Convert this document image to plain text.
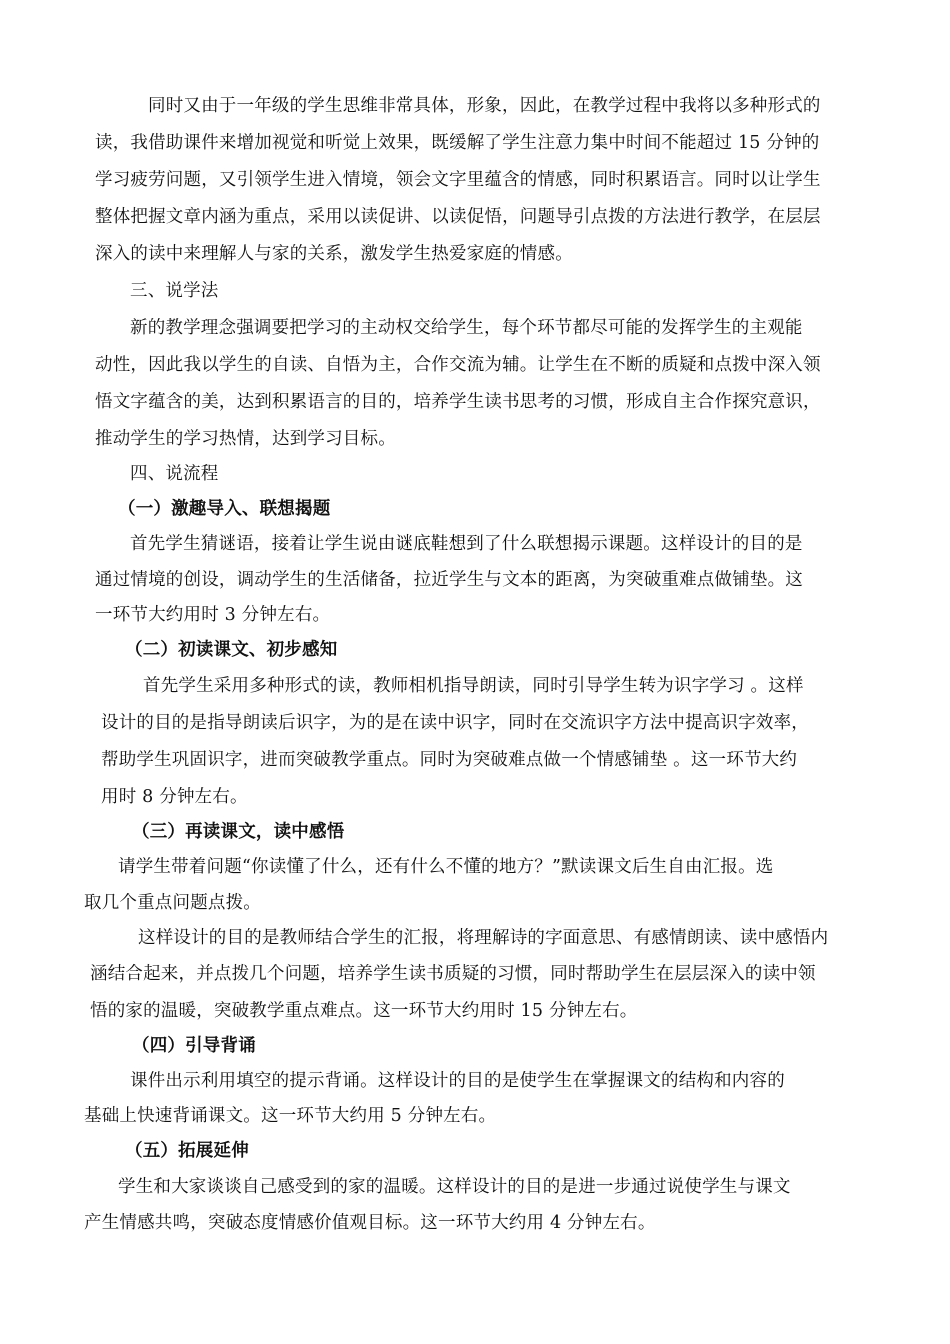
同时又由于一年级的学生思维非常具体，形象，因此，在教学过程中我将以多种形式的
读，我借助课件来增加视觉和听觉上效果，既缓解了学生注意力集中时间不能超过 15 分钟的
学习疲劳问题，又引领学生进入情境，领会文字里蕴含的情感，同时积累语言。同时以让学生
整体把握文章内涵为重点，采用以读促讲、以读促悟，问题导引点拨的方法进行教学，在层层
深入的读中来理解人与家的关系，激发学生热爱家庭的情感。
三、说学法
新的教学理念强调要把学习的主动权交给学生，每个环节都尽可能的发挥学生的主观能
动性，因此我以学生的自读、自悟为主，合作交流为辅。让学生在不断的质疑和点拨中深入领
悟文字蕴含的美，达到积累语言的目的，培养学生读书思考的习惯，形成自主合作探究意识，
推动学生的学习热情，达到学习目标。
四、说流程
（一）激趣导入、联想揭题
首先学生猜谜语，接着让学生说由谜底鞋想到了什么联想揭示课题。这样设计的目的是
通过情境的创设，调动学生的生活储备，拉近学生与文本的距离，为突破重难点做铺垫。这
一环节大约用时 3 分钟左右。
（二）初读课文、初步感知
首先学生采用多种形式的读，教师相机指导朗读，同时引导学生转为识字学习 。这样
设计的目的是指导朗读后识字，为的是在读中识字，同时在交流识字方法中提高识字效率，
帮助学生巩固识字，进而突破教学重点。同时为突破难点做一个情感铺垫 。这一环节大约
用时 8 分钟左右。
（三）再读课文，读中感悟
请学生带着问题“你读懂了什么，还有什么不懂的地方？”默读课文后生自由汇报。选
取几个重点问题点拨。
这样设计的目的是教师结合学生的汇报，将理解诗的字面意思、有感情朗读、读中感悟内
涵结合起来，并点拨几个问题，培养学生读书质疑的习惯，同时帮助学生在层层深入的读中领
悟的家的温暖，突破教学重点难点。这一环节大约用时 15 分钟左右。
（四）引导背诵
课件出示利用填空的提示背诵。这样设计的目的是使学生在掌握课文的结构和内容的
基础上快速背诵课文。这一环节大约用 5 分钟左右。
（五）拓展延伸
学生和大家谈谈自己感受到的家的温暖。这样设计的目的是进一步通过说使学生与课文
产生情感共鸣，突破态度情感价值观目标。这一环节大约用 4 分钟左右。
